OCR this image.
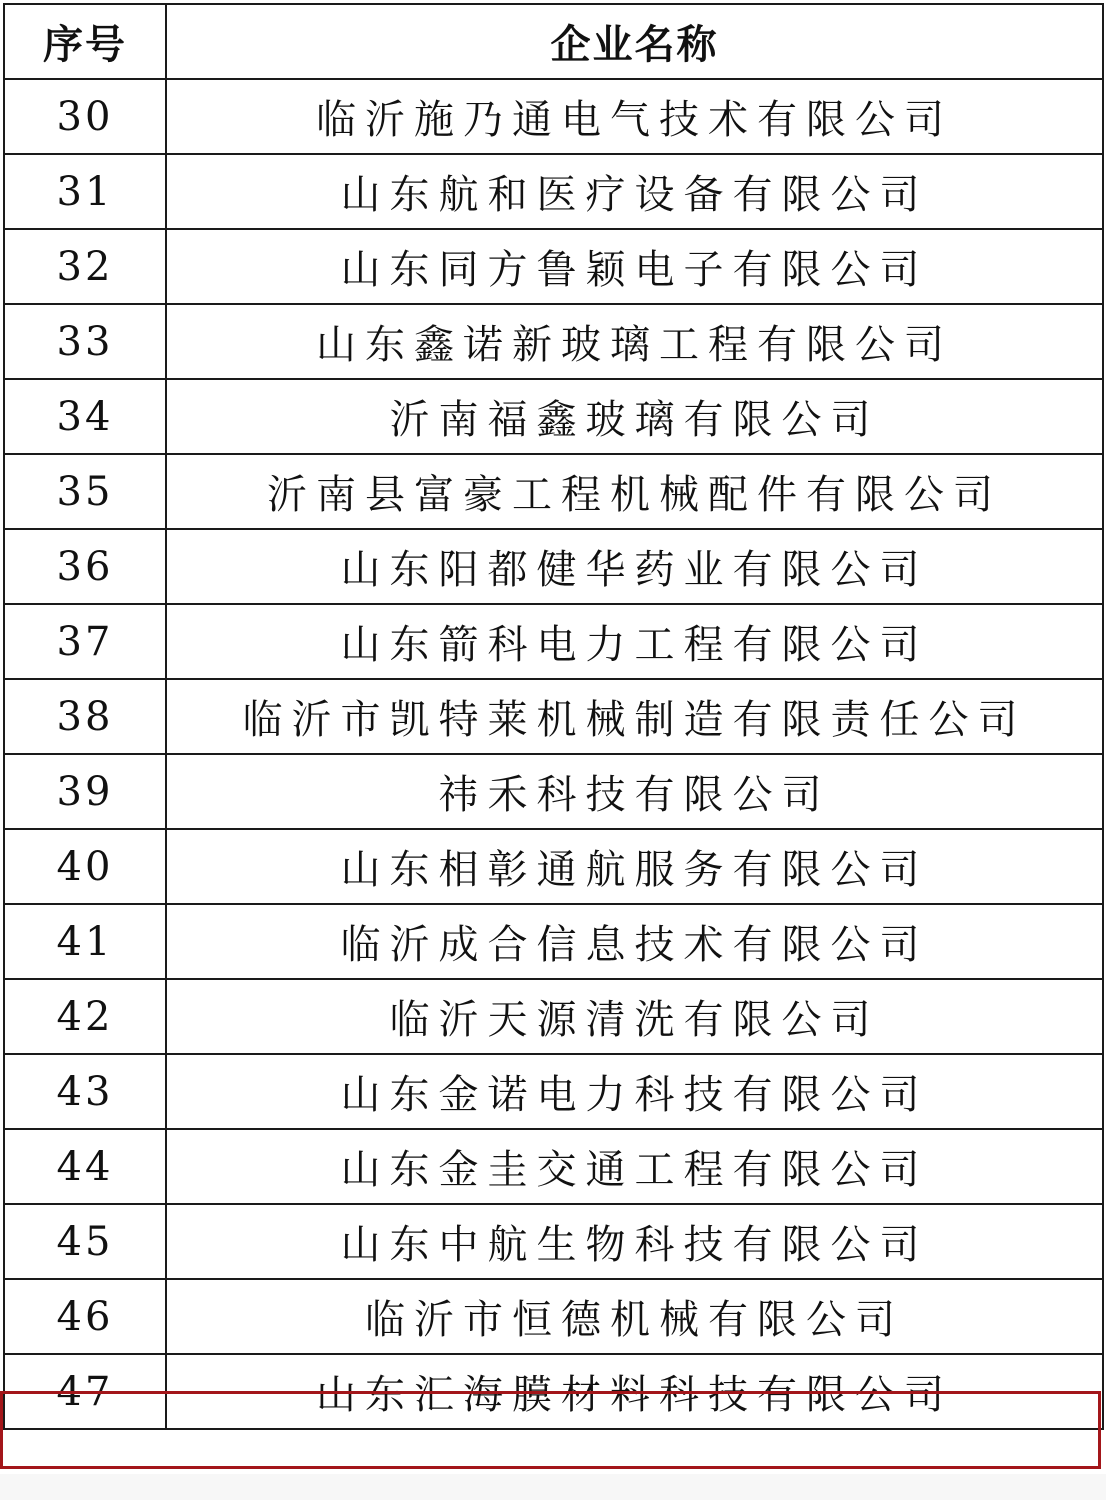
序号	企业名称
30	临沂施乃通电气技术有限公司
31	山东航和医疗设备有限公司
32	山东同方鲁颖电子有限公司
33	山东鑫诺新玻璃工程有限公司
34	沂南福鑫玻璃有限公司
35	沂南县富豪工程机械配件有限公司
36	山东阳都健华药业有限公司
37	山东箭科电力工程有限公司
38	临沂市凯特莱机械制造有限责任公司
39	祎禾科技有限公司
40	山东相彰通航服务有限公司
41	临沂成合信息技术有限公司
42	临沂天源清洗有限公司
43	山东金诺电力科技有限公司
44	山东金圭交通工程有限公司
45	山东中航生物科技有限公司
46	临沂市恒德机械有限公司
47	山东汇海膜材料科技有限公司
